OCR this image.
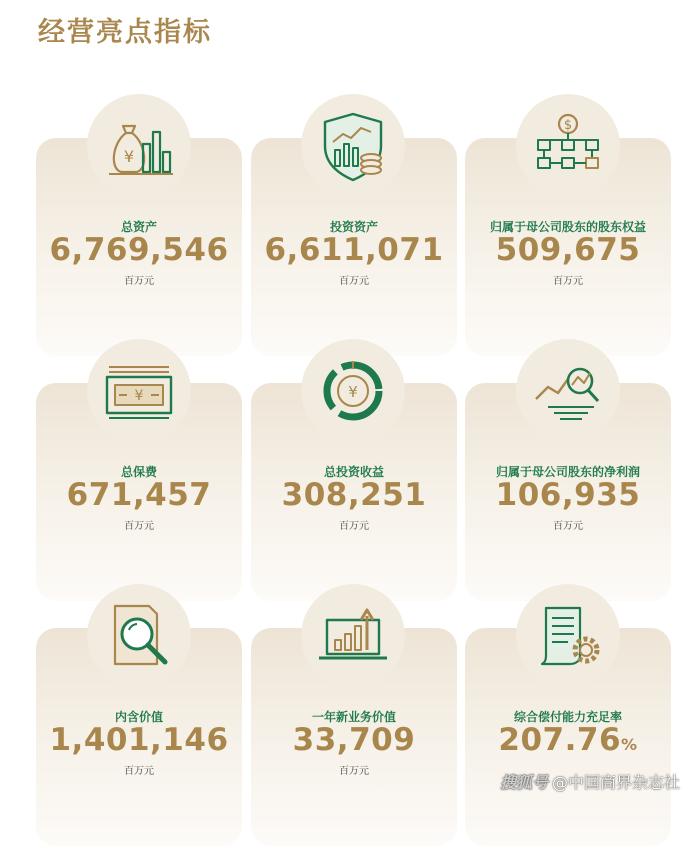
经营亮点指标
总资产
6,769,546
百万元
投资资产
6,611,071
百万元
归属于母公司股东的股东权益
509,675
百万元
总保费
671,457
百万元
总投资收益
308,251
百万元
归属于母公司股东的净利润
106,935
百万元
内含价值
1,401,146
百万元
一年新业务价值
33,709
百万元
综合偿付能力充足率
207.76%
¥
$
¥	¥
搜狐号 @中国商界杂志社
